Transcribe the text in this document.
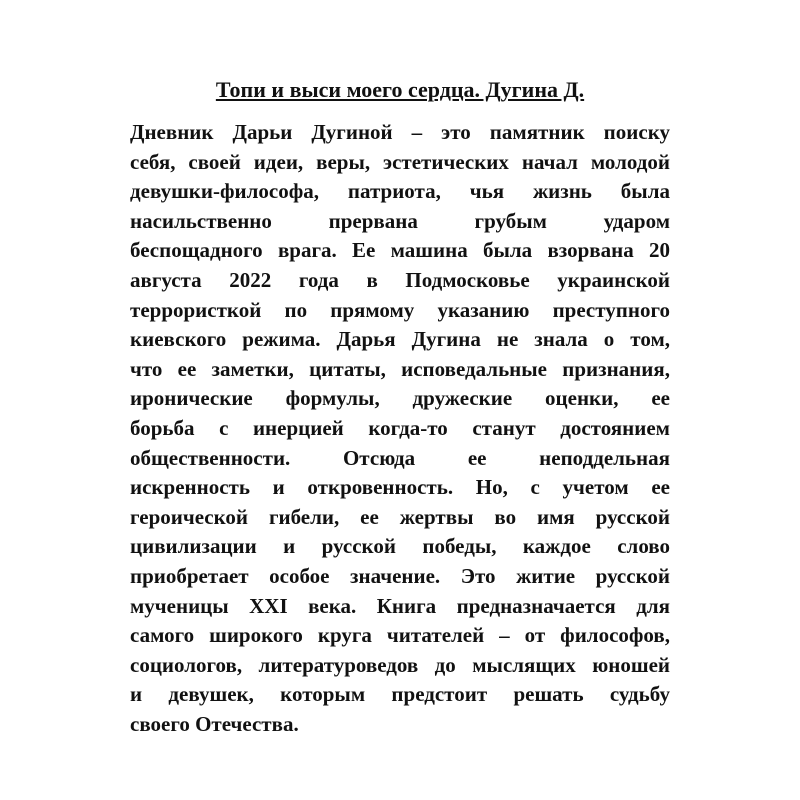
Топи и выси моего сердца. Дугина Д.
Дневник Дарьи Дугиной – это памятник поиску
себя, своей идеи, веры, эстетических начал молодой
девушки-философа, патриота, чья жизнь была
насильственно прервана грубым ударом
беспощадного врага. Ее машина была взорвана 20
августа 2022 года в Подмосковье украинской
террористкой по прямому указанию преступного
киевского режима. Дарья Дугина не знала о том,
что ее заметки, цитаты, исповедальные признания,
иронические формулы, дружеские оценки, ее
борьба с инерцией когда-то станут достоянием
общественности. Отсюда ее неподдельная
искренность и откровенность. Но, с учетом ее
героической гибели, ее жертвы во имя русской
цивилизации и русской победы, каждое слово
приобретает особое значение. Это житие русской
мученицы XXI века. Книга предназначается для
самого широкого круга читателей – от философов,
социологов, литературоведов до мыслящих юношей
и девушек, которым предстоит решать судьбу
своего Отечества.
